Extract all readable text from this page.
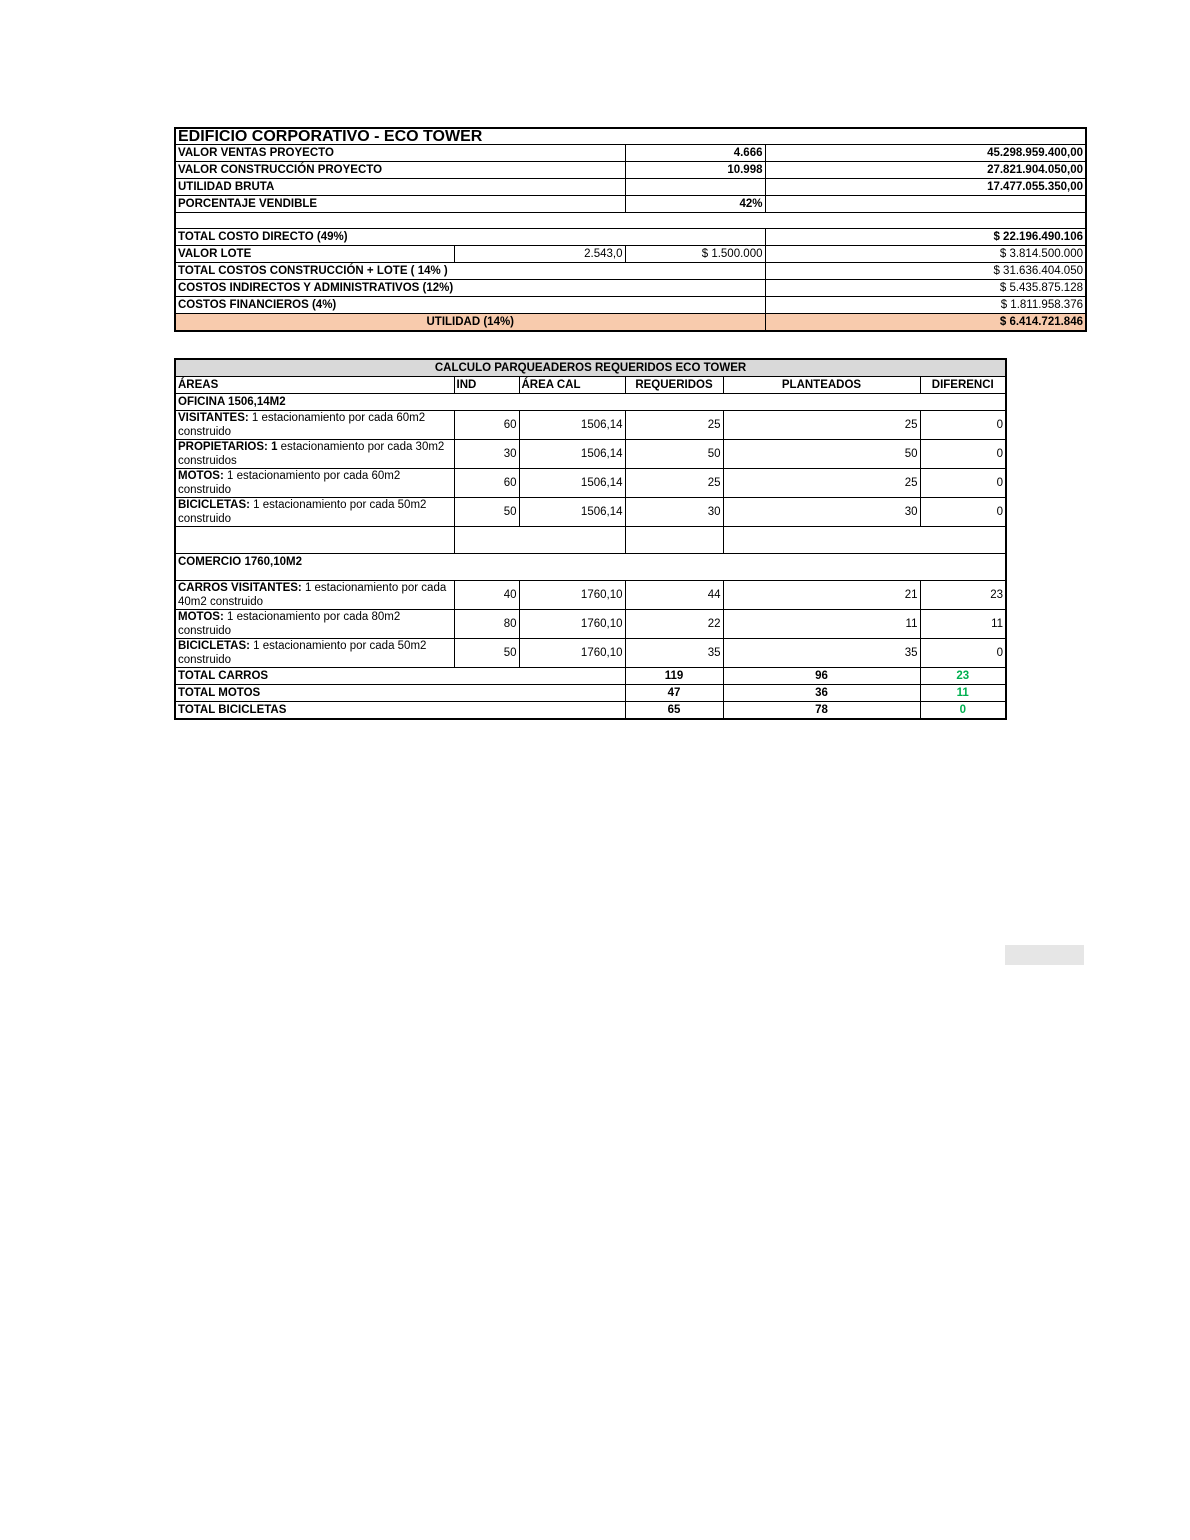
EDIFICIO CORPORATIVO - ECO TOWER			
VALOR VENTAS PROYECTO		4.666	45.298.959.400,00
VALOR CONSTRUCCIÓN PROYECTO		10.998	27.821.904.050,00
UTILIDAD BRUTA			17.477.055.350,00
PORCENTAJE VENDIBLE		42%	

TOTAL COSTO DIRECTO (49%)			$ 22.196.490.106
VALOR LOTE	2.543,0	$ 1.500.000	$ 3.814.500.000
TOTAL COSTOS CONSTRUCCIÓN + LOTE ( 14% )			$ 31.636.404.050
COSTOS INDIRECTOS Y ADMINISTRATIVOS (12%)			$ 5.435.875.128
COSTOS FINANCIEROS (4%)			$ 1.811.958.376
UTILIDAD (14%)			$ 6.414.721.846
CALCULO PARQUEADEROS REQUERIDOS ECO TOWER					
ÁREAS	IND	ÁREA CAL	REQUERIDOS	PLANTEADOS	DIFERENCI
OFICINA 1506,14M2					
VISITANTES: 1 estacionamiento por cada 60m2 construido	60	1506,14	25	25	0
PROPIETARIOS: 1 estacionamiento por cada 30m2 construidos	30	1506,14	50	50	0
MOTOS: 1 estacionamiento por cada 60m2 construido	60	1506,14	25	25	0
BICICLETAS: 1 estacionamiento por cada 50m2 construido	50	1506,14	30	30	0

COMERCIO 1760,10M2					
CARROS VISITANTES: 1 estacionamiento por cada 40m2 construido	40	1760,10	44	21	23
MOTOS: 1 estacionamiento por cada 80m2 construido	80	1760,10	22	11	11
BICICLETAS: 1 estacionamiento por cada 50m2 construido	50	1760,10	35	35	0
TOTAL CARROS			119	96	23
TOTAL MOTOS			47	36	11
TOTAL BICICLETAS			65	78	0
